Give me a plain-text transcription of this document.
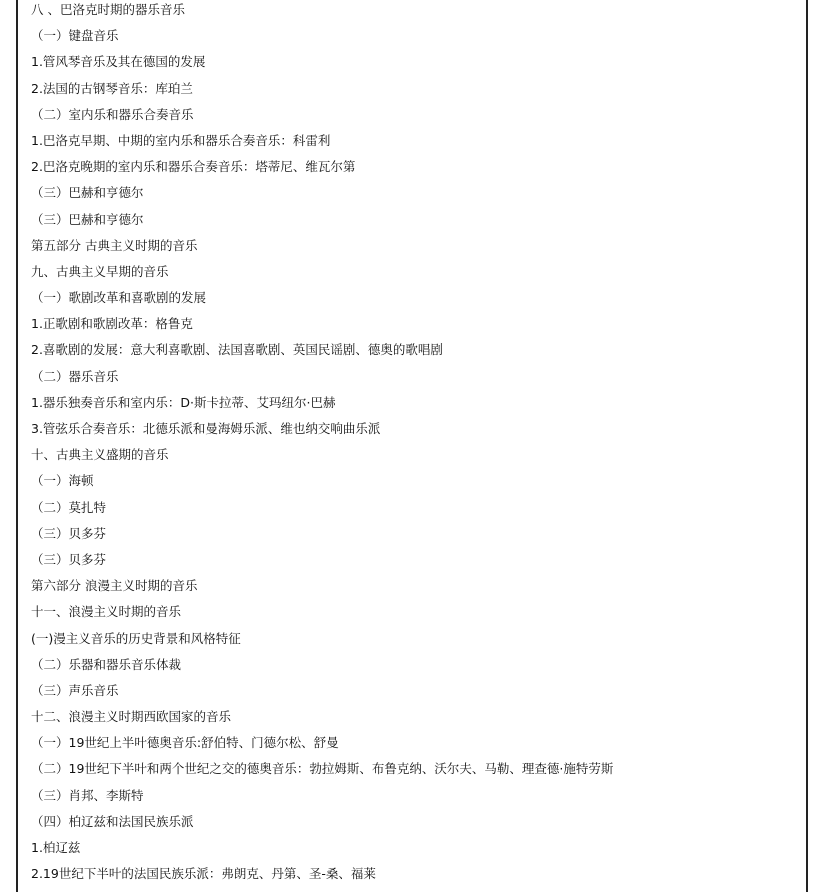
八 、巴洛克时期的器乐音乐
（一）键盘音乐
1.管风琴音乐及其在德国的发展
2.法国的古钢琴音乐：库珀兰
（二）室内乐和器乐合奏音乐
1.巴洛克早期、中期的室内乐和器乐合奏音乐：科雷利
2.巴洛克晚期的室内乐和器乐合奏音乐：塔蒂尼、维瓦尔第
（三）巴赫和亨德尔
（三）巴赫和亨德尔
第五部分 古典主义时期的音乐
九、古典主义早期的音乐
（一）歌剧改革和喜歌剧的发展
1.正歌剧和歌剧改革：格鲁克
2.喜歌剧的发展：意大利喜歌剧、法国喜歌剧、英国民谣剧、德奥的歌唱剧
（二）器乐音乐
1.器乐独奏音乐和室内乐：D·斯卡拉蒂、艾玛纽尔·巴赫
3.管弦乐合奏音乐：北德乐派和曼海姆乐派、维也纳交响曲乐派
十、古典主义盛期的音乐
（一）海顿
（二）莫扎特
（三）贝多芬
（三）贝多芬
第六部分 浪漫主义时期的音乐
十一、浪漫主义时期的音乐
(一)漫主义音乐的历史背景和风格特征
（二）乐器和器乐音乐体裁
（三）声乐音乐
十二、浪漫主义时期西欧国家的音乐
（一）19世纪上半叶德奥音乐:舒伯特、门德尔松、舒曼
（二）19世纪下半叶和两个世纪之交的德奥音乐：勃拉姆斯、布鲁克纳、沃尔夫、马勒、理查德·施特劳斯
（三）肖邦、李斯特
（四）柏辽兹和法国民族乐派
1.柏辽兹
2.19世纪下半叶的法国民族乐派：弗朗克、丹第、圣-桑、福莱
